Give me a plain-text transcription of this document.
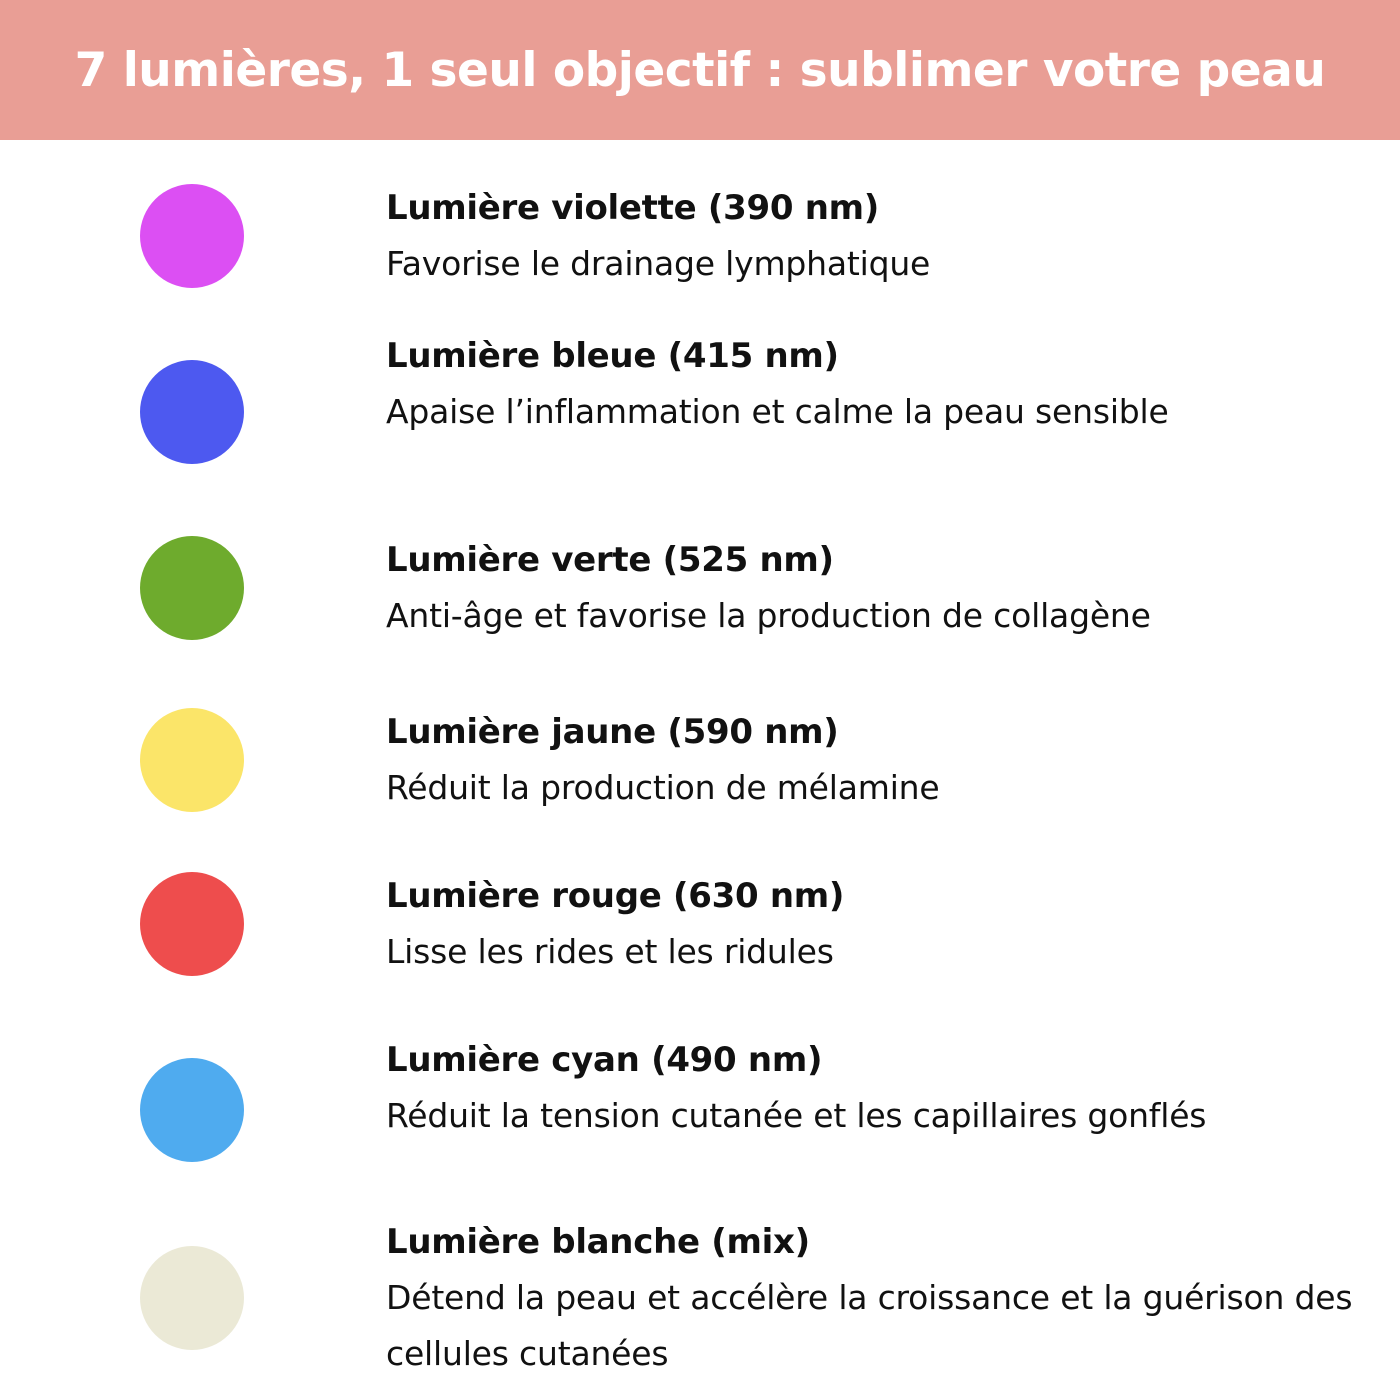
7 lumières, 1 seul objectif : sublimer votre peau
Lumière violette (390 nm)
Favorise le drainage lymphatique
Lumière bleue (415 nm)
Apaise l’inflammation et calme la peau sensible
Lumière verte (525 nm)
Anti-âge et favorise la production de collagène
Lumière jaune (590 nm)
Réduit la production de mélamine
Lumière rouge (630 nm)
Lisse les rides et les ridules
Lumière cyan (490 nm)
Réduit la tension cutanée et les capillaires gonflés
Lumière blanche (mix)
Détend la peau et accélère la croissance et la guérison des cellules cutanées
